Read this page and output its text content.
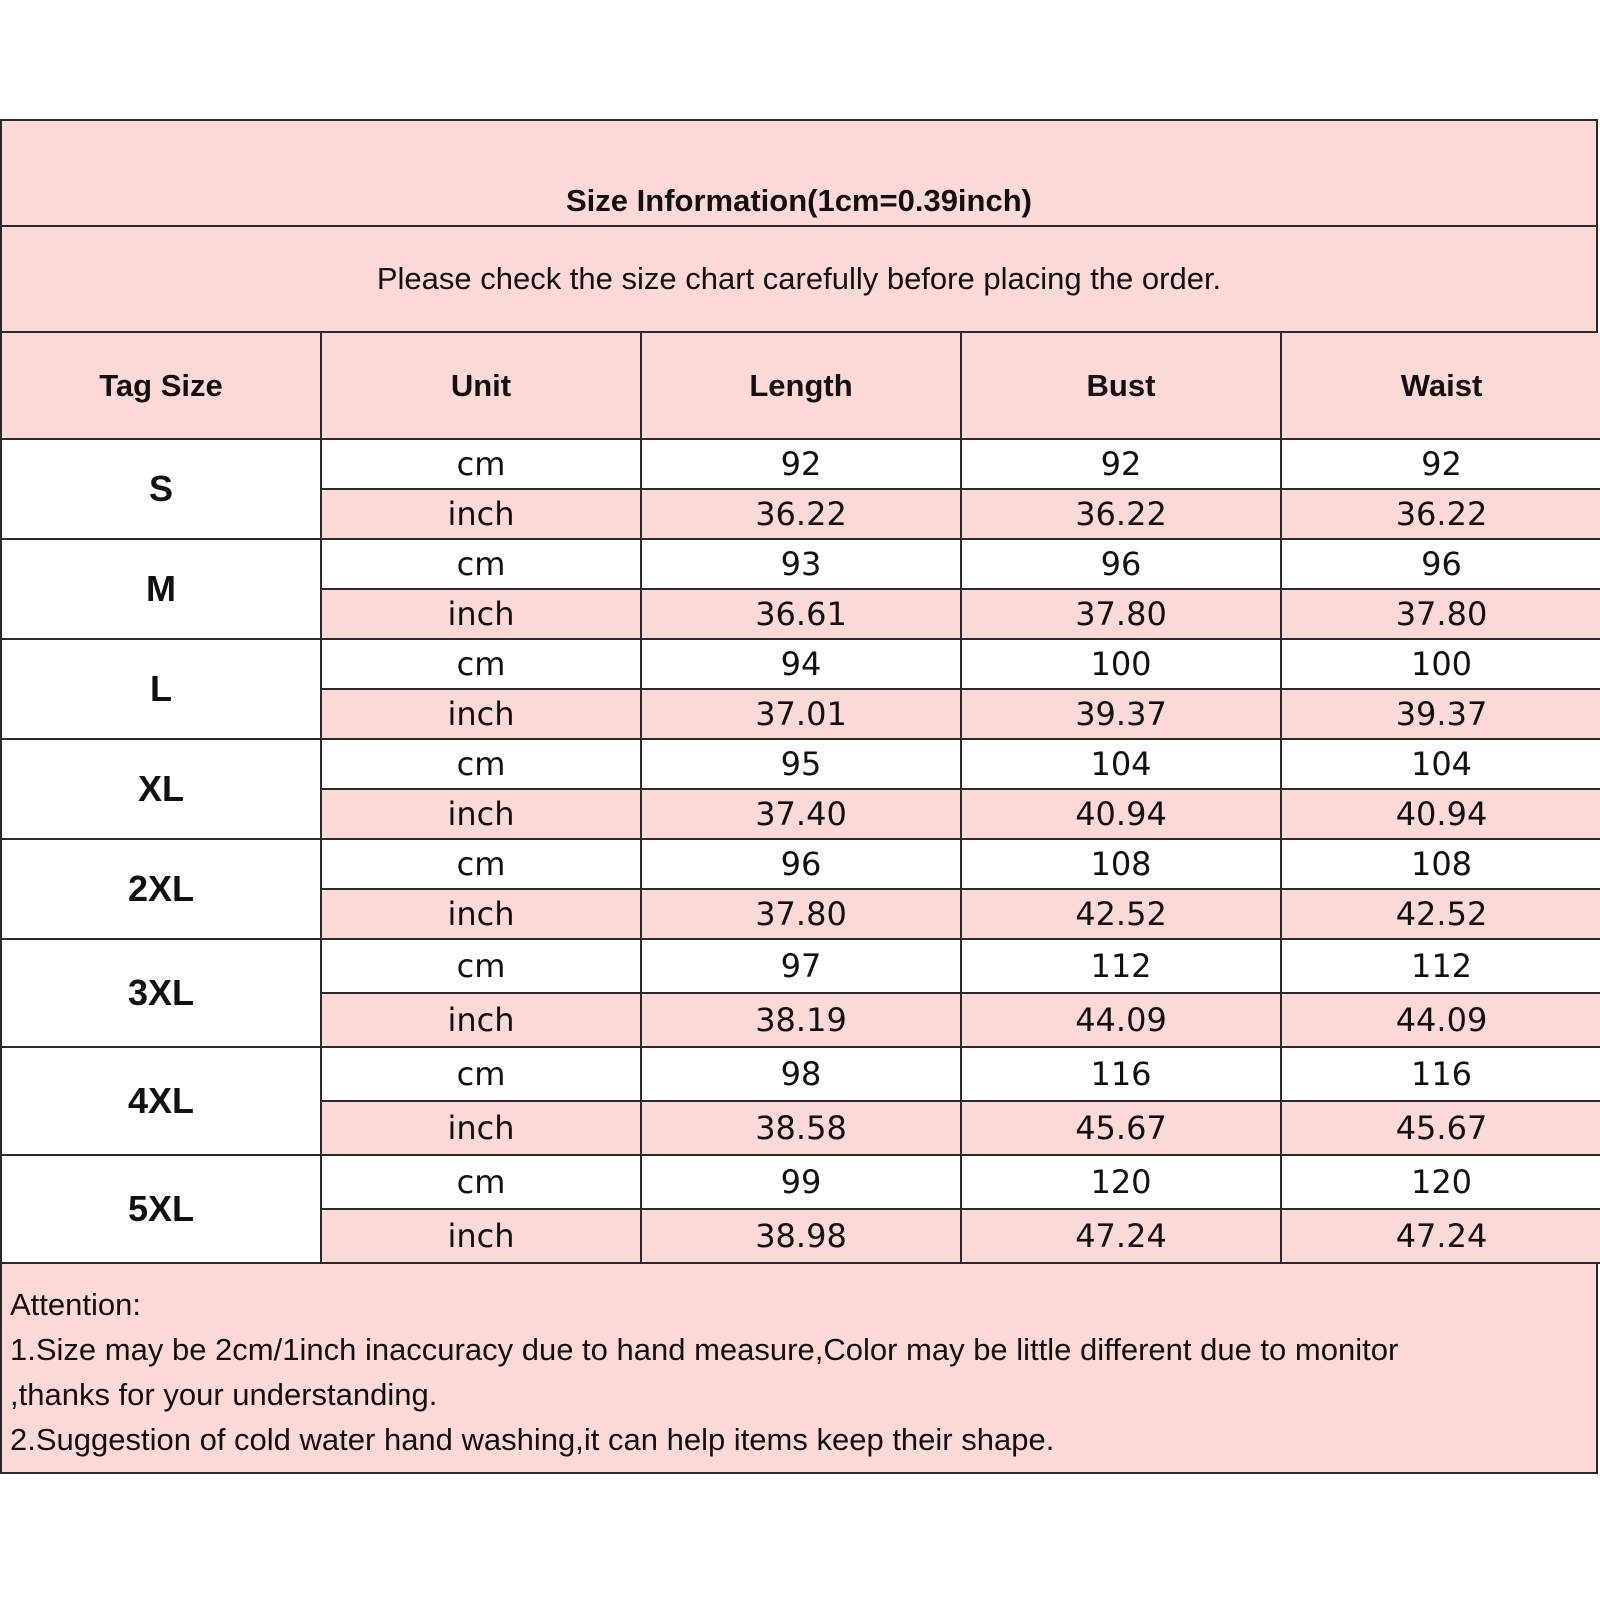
Size Information(1cm=0.39inch)
Please check the size chart carefully before placing the order.
Tag Size	Unit	Length	Bust	Waist
S	cm	92	92	92
	inch	36.22	36.22	36.22
M	cm	93	96	96
	inch	36.61	37.80	37.80
L	cm	94	100	100
	inch	37.01	39.37	39.37
XL	cm	95	104	104
	inch	37.40	40.94	40.94
2XL	cm	96	108	108
	inch	37.80	42.52	42.52
3XL	cm	97	112	112
	inch	38.19	44.09	44.09
4XL	cm	98	116	116
	inch	38.58	45.67	45.67
5XL	cm	99	120	120
	inch	38.98	47.24	47.24
Attention:
1.Size may be 2cm/1inch inaccuracy due to hand measure,Color may be little different due to monitor
,thanks for your understanding.
2.Suggestion of cold water hand washing,it can help items keep their shape.
